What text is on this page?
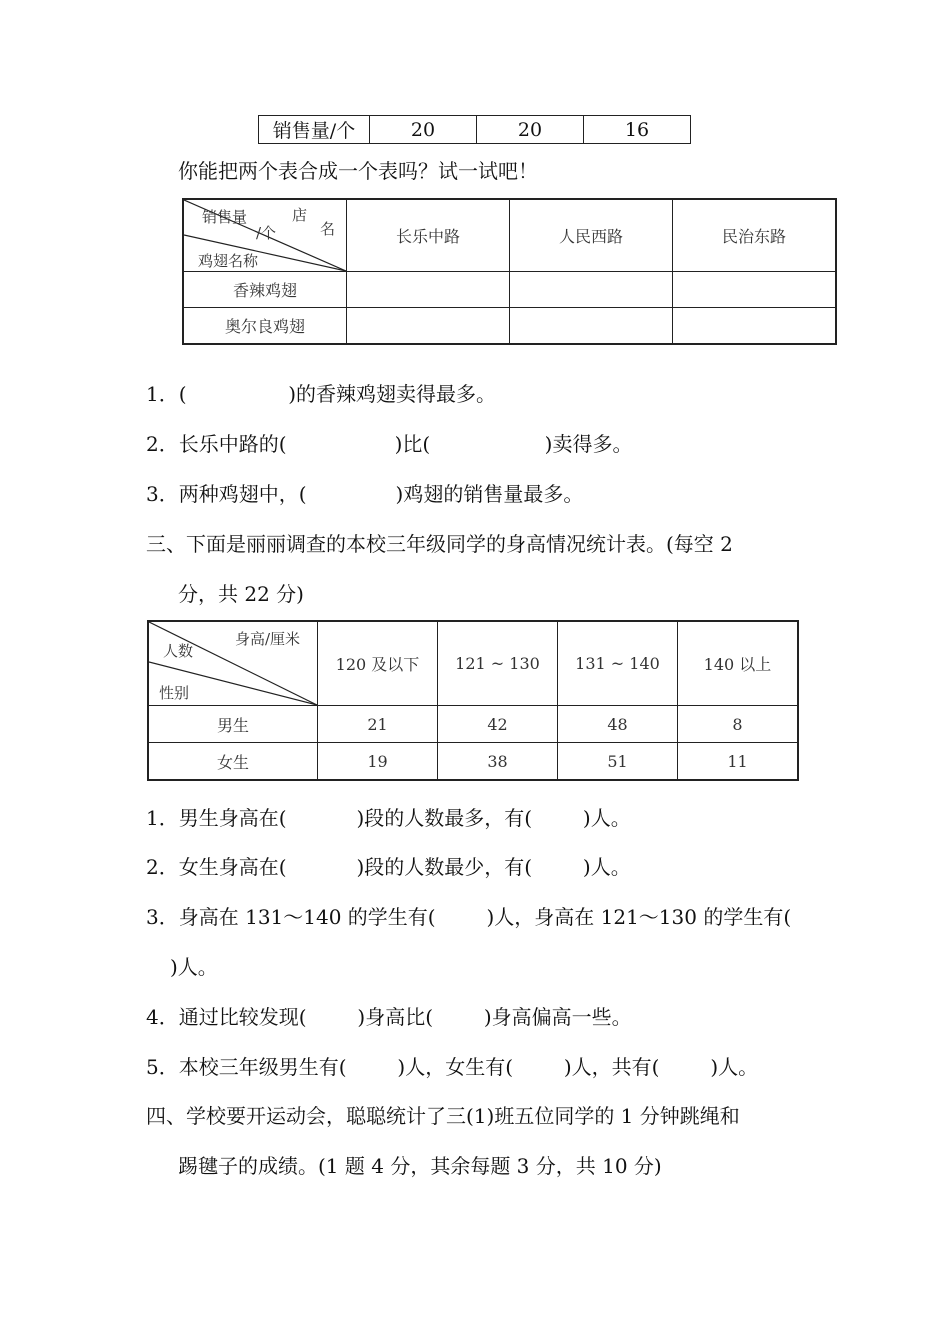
销售量/个	20	20	16
你能把两个表合成一个表吗？试一试吧！
店
名
销售量
/个
鸡翅名称	长乐中路	人民西路	民治东路
香辣鸡翅			
奥尔良鸡翅			
1．(                )的香辣鸡翅卖得最多。
2．长乐中路的(                 )比(                  )卖得多。
3．两种鸡翅中，(              )鸡翅的销售量最多。
三、下面是丽丽调查的本校三年级同学的身高情况统计表。(每空 2
分，共 22 分)
身高/厘米
人数
性别	120 及以下	121 ~ 130	131 ~ 140	140 以上
男生	21	42	48	8
女生	19	38	51	11
1．男生身高在(           )段的人数最多，有(        )人。
2．女生身高在(           )段的人数最少，有(        )人。
3．身高在 131～140 的学生有(        )人，身高在 121～130 的学生有(
)人。
4．通过比较发现(        )身高比(        )身高偏高一些。
5．本校三年级男生有(        )人，女生有(        )人，共有(        )人。
四、学校要开运动会，聪聪统计了三(1)班五位同学的 1 分钟跳绳和
踢毽子的成绩。(1 题 4 分，其余每题 3 分，共 10 分)
